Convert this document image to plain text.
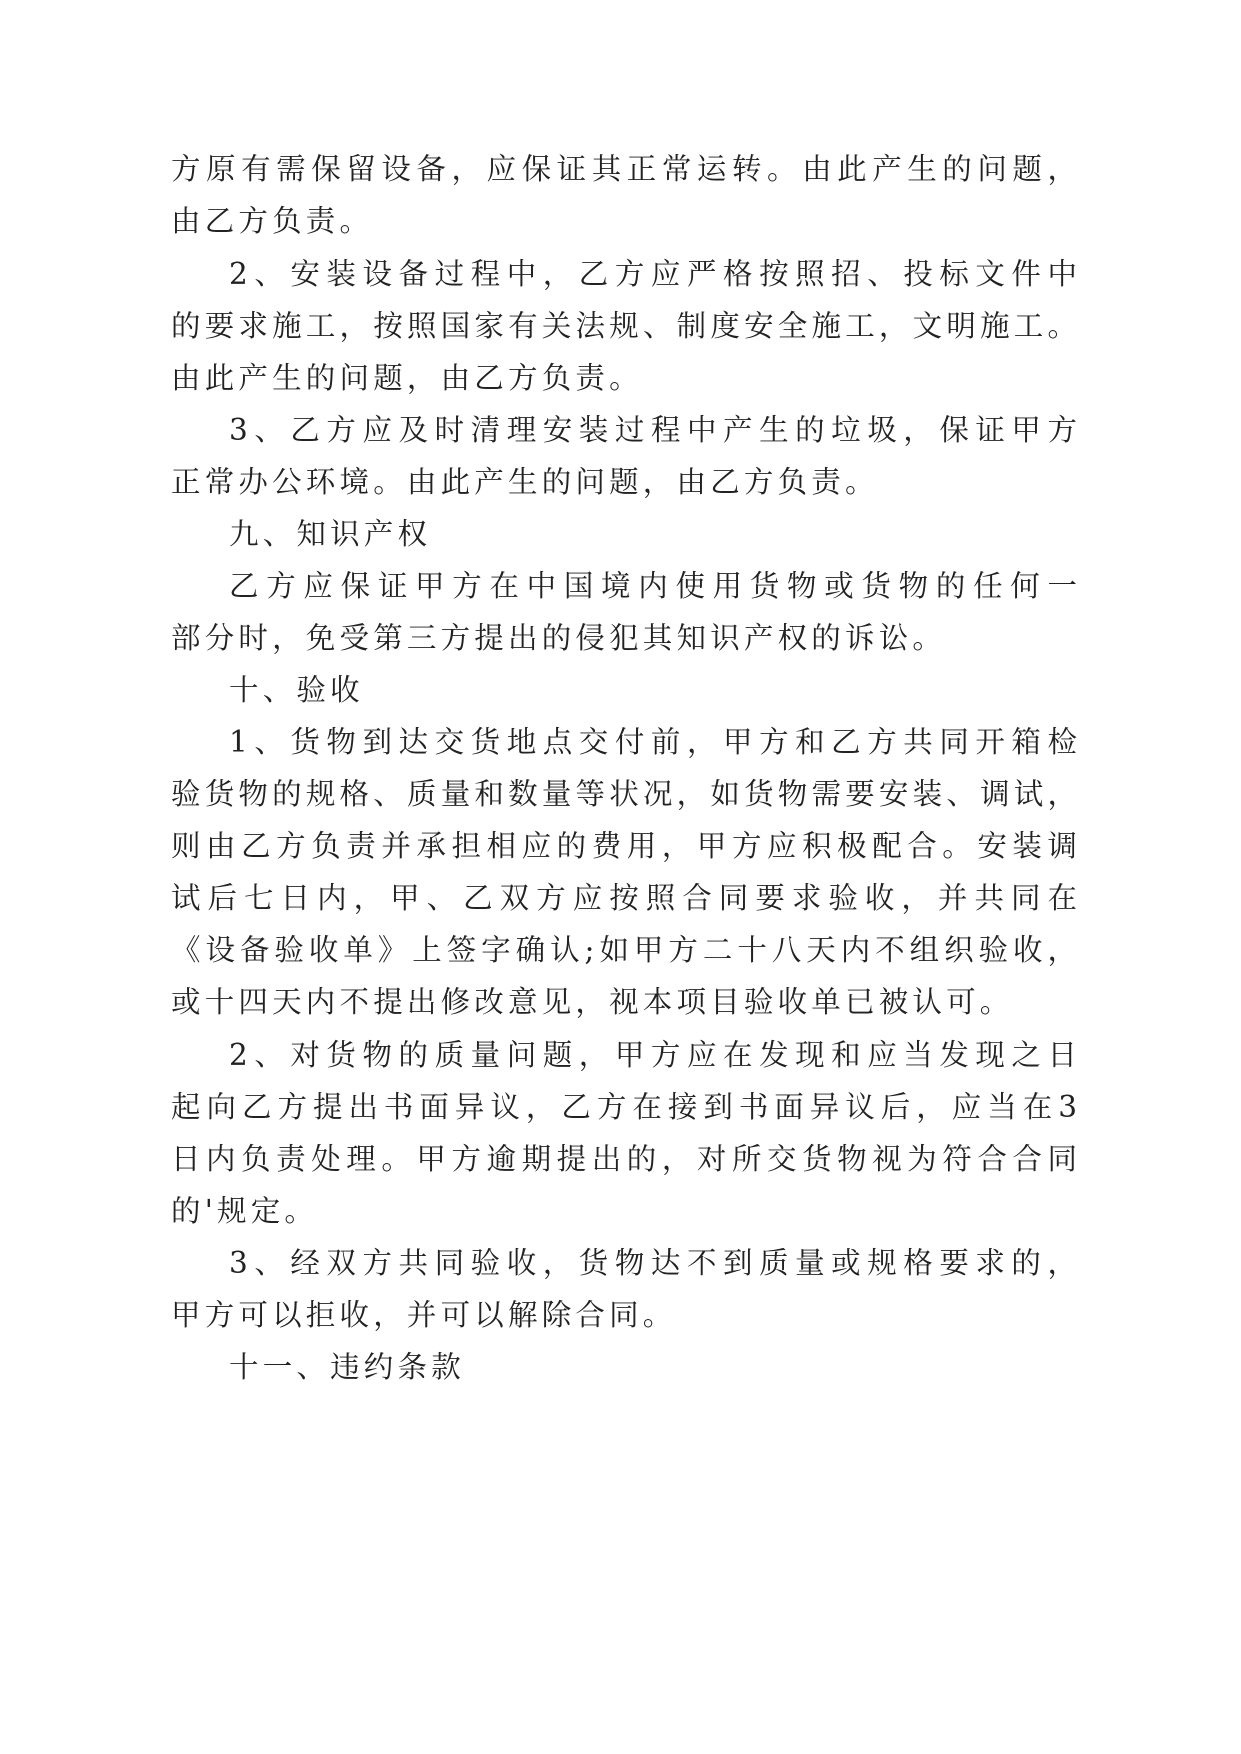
方原有需保留设备，应保证其正常运转。由此产生的问题，
由乙方负责。
2、安装设备过程中，乙方应严格按照招、投标文件中
的要求施工，按照国家有关法规、制度安全施工，文明施工。
由此产生的问题，由乙方负责。
3、乙方应及时清理安装过程中产生的垃圾，保证甲方
正常办公环境。由此产生的问题，由乙方负责。
九、知识产权
乙方应保证甲方在中国境内使用货物或货物的任何一
部分时，免受第三方提出的侵犯其知识产权的诉讼。
十、验收
1、货物到达交货地点交付前，甲方和乙方共同开箱检
验货物的规格、质量和数量等状况，如货物需要安装、调试，
则由乙方负责并承担相应的费用，甲方应积极配合。安装调
试后七日内，甲、乙双方应按照合同要求验收，并共同在
《设备验收单》上签字确认;如甲方二十八天内不组织验收，
或十四天内不提出修改意见，视本项目验收单已被认可。
2、对货物的质量问题，甲方应在发现和应当发现之日
起向乙方提出书面异议，乙方在接到书面异议后，应当在3
日内负责处理。甲方逾期提出的，对所交货物视为符合合同
的'规定。
3、经双方共同验收，货物达不到质量或规格要求的，
甲方可以拒收，并可以解除合同。
十一、违约条款
